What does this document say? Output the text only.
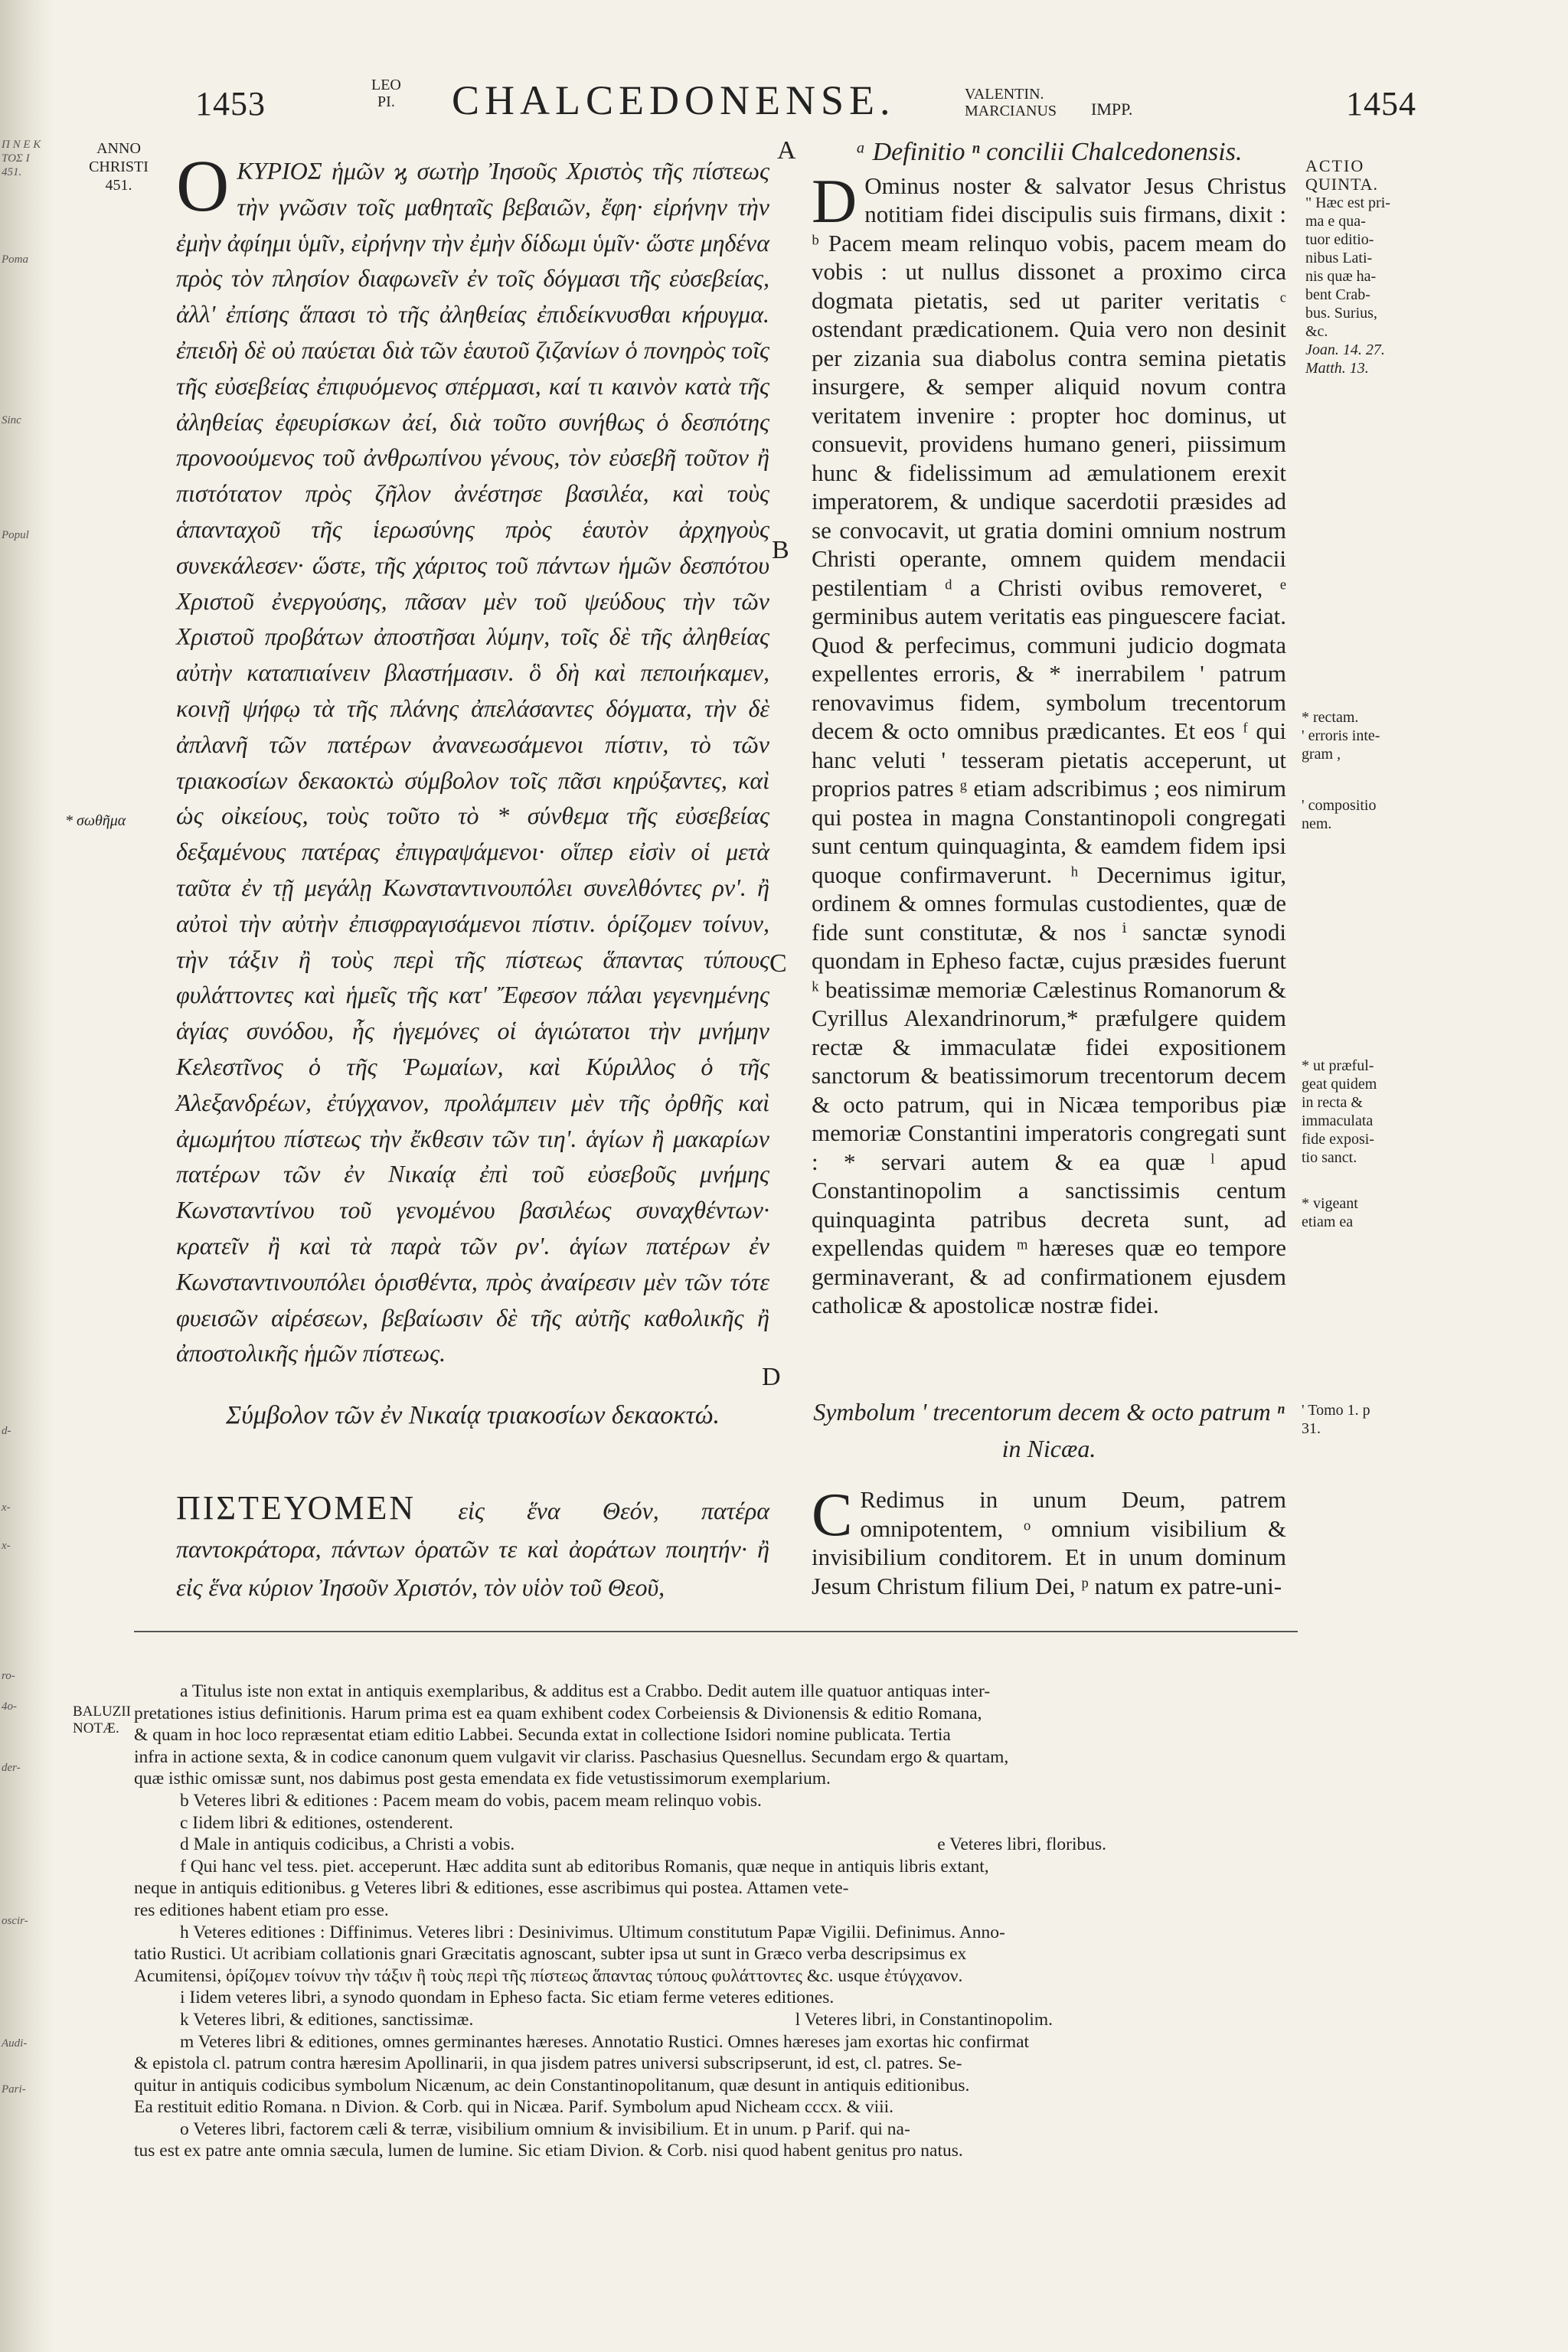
Π Ν Ε Κ ΤΟΣ Ι 451.
Poma
Sinc
Popul
d-
x-
x-
ro-
4o-
der-
oscir-
Audi-
Pari-
1453	LEO
PI. CHALCEDONENSE.	VALENTIN.
MARCIANUS IMPP.	1454
ANNO
CHRISTI
451.
* σωθῆμα
ACTIO
QUINTA.
" Hæc est pri-
ma e qua-
tuor editio-
nibus Lati-
nis quæ ha-
bent Crab-
bus. Surius,
&c.
Joan. 14. 27.
Matth. 13.
* rectam.
' erroris inte-
gram ,
' compositio
nem.
* ut præful-
geat quidem
in recta &
immaculata
fide exposi-
tio sanct.
* vigeant
etiam ea
' Tomo 1. p
31.
A
B
C
D
ΟΚΥΡΙΟΣ ἡμῶν ϗ σωτὴρ Ἰησοῦς Χριστὸς τῆς πίστεως τὴν γνῶσιν τοῖς μαθηταῖς βεβαιῶν, ἔφη· εἰρήνην τὴν ἐμὴν ἀφίημι ὑμῖν, εἰρήνην τὴν ἐμὴν δίδωμι ὑμῖν· ὥστε μηδένα πρὸς τὸν πλησίον διαφωνεῖν ἐν τοῖς δόγμασι τῆς εὐσεβείας, ἀλλ' ἐπίσης ἅπασι τὸ τῆς ἀληθείας ἐπιδείκνυσθαι κήρυγμα. ἐπειδὴ δὲ οὐ παύεται διὰ τῶν ἑαυτοῦ ζιζανίων ὁ πονηρὸς τοῖς τῆς εὐσεβείας ἐπιφυόμενος σπέρμασι, καί τι καινὸν κατὰ τῆς ἀληθείας ἐφευρίσκων ἀεί, διὰ τοῦτο συνήθως ὁ δεσπότης προνοούμενος τοῦ ἀνθρωπίνου γένους, τὸν εὐσεβῆ τοῦτον ἢ πιστότατον πρὸς ζῆλον ἀνέστησε βασιλέα, καὶ τοὺς ἁπανταχοῦ τῆς ἱερωσύνης πρὸς ἑαυτὸν ἀρχηγοὺς συνεκάλεσεν· ὥστε, τῆς χάριτος τοῦ πάντων ἡμῶν δεσπότου Χριστοῦ ἐνεργούσης, πᾶσαν μὲν τοῦ ψεύδους τὴν τῶν Χριστοῦ προβάτων ἀποστῆσαι λύμην, τοῖς δὲ τῆς ἀληθείας αὐτὴν καταπιαίνειν βλαστήμασιν. ὃ δὴ καὶ πεποιήκαμεν, κοινῇ ψήφῳ τὰ τῆς πλάνης ἀπελάσαντες δόγματα, τὴν δὲ ἀπλανῆ τῶν πατέρων ἀνανεωσάμενοι πίστιν, τὸ τῶν τριακοσίων δεκαοκτὼ σύμβολον τοῖς πᾶσι κηρύξαντες, καὶ ὡς οἰκείους, τοὺς τοῦτο τὸ * σύνθεμα τῆς εὐσεβείας δεξαμένους πατέρας ἐπιγραψάμενοι· οἵπερ εἰσὶν οἱ μετὰ ταῦτα ἐν τῇ μεγάλῃ Κωνσταντινουπόλει συνελθόντες ρν'. ἢ αὐτοὶ τὴν αὐτὴν ἐπισφραγισάμενοι πίστιν. ὁρίζομεν τοίνυν, τὴν τάξιν ἢ τοὺς περὶ τῆς πίστεως ἅπαντας τύπους φυλάττοντες καὶ ἡμεῖς τῆς κατ' Ἔφεσον πάλαι γεγενημένης ἁγίας συνόδου, ἧς ἡγεμόνες οἱ ἁγιώτατοι τὴν μνήμην Κελεστῖνος ὁ τῆς Ῥωμαίων, καὶ Κύριλλος ὁ τῆς Ἀλεξανδρέων, ἐτύγχανον, προλάμπειν μὲν τῆς ὀρθῆς καὶ ἀμωμήτου πίστεως τὴν ἔκθεσιν τῶν τιη'. ἁγίων ἢ μακαρίων πατέρων τῶν ἐν Νικαίᾳ ἐπὶ τοῦ εὐσεβοῦς μνήμης Κωνσταντίνου τοῦ γενομένου βασιλέως συναχθέντων· κρατεῖν ἢ καὶ τὰ παρὰ τῶν ρν'. ἁγίων πατέρων ἐν Κωνσταντινουπόλει ὁρισθέντα, πρὸς ἀναίρεσιν μὲν τῶν τότε φυεισῶν αἱρέσεων, βεβαίωσιν δὲ τῆς αὐτῆς καθολικῆς ἢ ἀποστολικῆς ἡμῶν πίστεως.
ᵃ Definitio ⁿ concilii Chalcedonensis.
D Ominus noster & salvator Jesus Christus notitiam fidei discipulis suis firmans, dixit : ᵇ Pacem meam relinquo vobis, pacem meam do vobis : ut nullus dissonet a proximo circa dogmata pietatis, sed ut pariter veritatis ᶜ ostendant prædicationem. Quia vero non desinit per zizania sua diabolus contra semina pietatis insurgere, & semper aliquid novum contra veritatem invenire : propter hoc dominus, ut consuevit, providens humano generi, piissimum hunc & fidelissimum ad æmulationem erexit imperatorem, & undique sacerdotii præsides ad se convocavit, ut gratia domini omnium nostrum Christi operante, omnem quidem mendacii pestilentiam ᵈ a Christi ovibus removeret, ᵉ germinibus autem veritatis eas pinguescere faciat. Quod & perfecimus, communi judicio dogmata expellentes erroris, & * inerrabilem ' patrum renovavimus fidem, symbolum trecentorum decem & octo omnibus prædicantes. Et eos ᶠ qui hanc veluti ' tesseram pietatis acceperunt, ut proprios patres ᵍ etiam adscribimus ; eos nimirum qui postea in magna Constantinopoli congregati sunt centum quinquaginta, & eamdem fidem ipsi quoque confirmaverunt. ʰ Decernimus igitur, ordinem & omnes formulas custodientes, quæ de fide sunt constitutæ, & nos ⁱ sanctæ synodi quondam in Ephesο factæ, cujus præsides fuerunt ᵏ beatissimæ memoriæ Cælestinus Romanorum & Cyrillus Alexandrinorum,* præfulgere quidem rectæ & immaculatæ fidei expositionem sanctorum & beatissimorum trecentorum decem & octo patrum, qui in Nicæa temporibus piæ memoriæ Constantini imperatoris congregati sunt : * servari autem & ea quæ ˡ apud Constantinopolim a sanctissimis centum quinquaginta patribus decreta sunt, ad expellendas quidem ᵐ hæreses quæ eo tempore germinaverant, & ad confirmationem ejusdem catholicæ & apostolicæ nostræ fidei.
Σύμβολον τῶν ἐν Νικαίᾳ τριακοσίων δεκαοκτώ.	Symbolum ' trecentorum decem & octo patrum ⁿ in Nicæa.
ΠΙΣΤΕΥΟΜΕΝ εἰς ἕνα Θεόν, πατέρα παντοκράτορα, πάντων ὁρατῶν τε καὶ ἀοράτων ποιητήν· ἢ εἰς ἕνα κύριον Ἰησοῦν Χριστόν, τὸν υἱὸν τοῦ Θεοῦ,
C Redimus in unum Deum, patrem omnipotentem, ᵒ omnium visibilium & invisibilium conditorem. Et in unum dominum Jesum Christum filium Dei, ᵖ natum ex patre-uni-
BALUZII
NOTÆ.
a Titulus iste non extat in antiquis exemplaribus, & additus est a Crabbo. Dedit autem ille quatuor antiquas inter-
pretationes istius definitionis. Harum prima est ea quam exhibent codex Corbeiensis & Divionensis & editio Romana,
& quam in hoc loco repræsentat etiam editio Labbei. Secunda extat in collectione Isidori nomine publicata. Tertia
infra in actione sexta, & in codice canonum quem vulgavit vir clariss. Paschasius Quesnellus. Secundam ergo & quartam,
quæ isthic omissæ sunt, nos dabimus post gesta emendata ex fide vetustissimorum exemplarium.
b Veteres libri & editiones : Pacem meam do vobis, pacem meam relinquo vobis.
c Iidem libri & editiones, ostenderent.
d Male in antiquis codicibus, a Christi a vobis.	e Veteres libri, floribus.
f Qui hanc vel tess. piet. acceperunt. Hæc addita sunt ab editoribus Romanis, quæ neque in antiquis libris extant,
neque in antiquis editionibus. g Veteres libri & editiones, esse ascribimus qui postea. Attamen vete-
res editiones habent etiam pro esse.
h Veteres editiones : Diffinimus. Veteres libri : Desinivimus. Ultimum constitutum Papæ Vigilii. Definimus. Anno-
tatio Rustici. Ut acribiam collationis gnari Græcitatis agnoscant, subter ipsa ut sunt in Græco verba descripsimus ex
Acumitensi, ὁρίζομεν τοίνυν τὴν τάξιν ἢ τοὺς περὶ τῆς πίστεως ἅπαντας τύπους φυλάττοντες &c. usque ἐτύγχανον.
i Iidem veteres libri, a synodo quondam in Ephesο facta. Sic etiam ferme veteres editiones.
k Veteres libri, & editiones, sanctissimæ.	l Veteres libri, in Constantinopolim.
m Veteres libri & editiones, omnes germinantes hæreses. Annotatio Rustici. Omnes hæreses jam exortas hic confirmat
& epistola cl. patrum contra hæresim Apollinarii, in qua jisdem patres universi subscripserunt, id est, cl. patres. Se-
quitur in antiquis codicibus symbolum Nicænum, ac dein Constantinopolitanum, quæ desunt in antiquis editionibus.
Ea restituit editio Romana. n Divion. & Corb. qui in Nicæa. Parif. Symbolum apud Nicheam cccx. & viii.
o Veteres libri, factorem cæli & terræ, visibilium omnium & invisibilium. Et in unum. p Parif. qui na-
tus est ex patre ante omnia sæcula, lumen de lumine. Sic etiam Divion. & Corb. nisi quod habent genitus pro natus.
